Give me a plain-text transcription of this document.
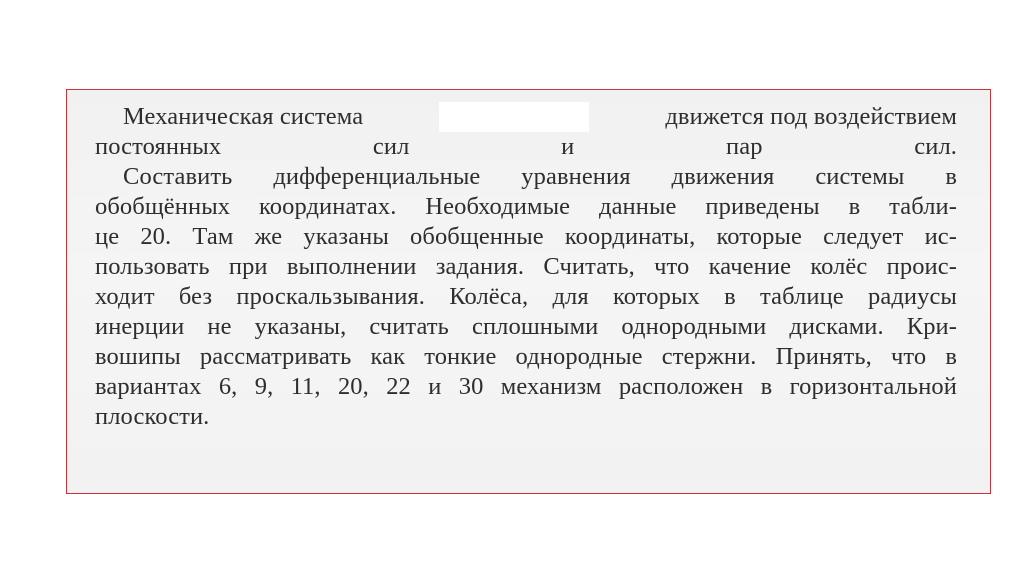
Механическая система	движется под воздействием
постоянных сил и пар сил.
Составить дифференциальные уравнения движения системы в
обобщённых координатах. Необходимые данные приведены в табли-
це 20. Там же указаны обобщенные координаты, которые следует ис-
пользовать при выполнении задания. Считать, что качение колёс проис-
ходит без проскальзывания. Колёса, для которых в таблице радиусы
инерции не указаны, считать сплошными однородными дисками. Кри-
вошипы рассматривать как тонкие однородные стержни. Принять, что в
вариантах 6, 9, 11, 20, 22 и 30 механизм расположен в горизонтальной
плоскости.
